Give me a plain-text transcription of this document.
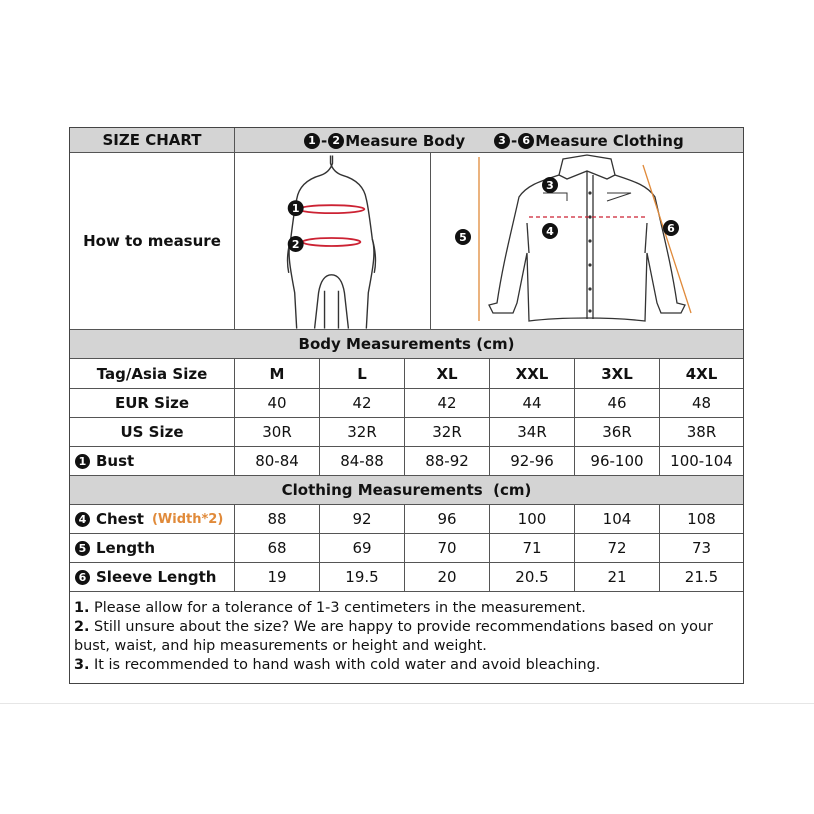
SIZE CHART	1 - 2 Measure Body	3 - 6 Measure Clothing
How to measure
1
2
3
4
5
6
Body Measurements (cm)
Tag/Asia Size	M	L	XL	XXL	3XL	4XL
EUR Size	40	42	42	44	46	48
US Size	30R	32R	32R	34R	36R	38R
1 Bust	80-84	84-88	88-92	92-96 96-100 100-104
Clothing Measurements  (cm)
4 Chest (Width*2)	88	92	96	100	104	108
5 Length	68	69	70	71	72	73
6 Sleeve Length	19	19.5	20	20.5	21	21.5
1. Please allow for a tolerance of 1-3 centimeters in the measurement.
2. Still unsure about the size? We are happy to provide recommendations based on your bust, waist, and hip measurements or height and weight.
3. It is recommended to hand wash with cold water and avoid bleaching.
